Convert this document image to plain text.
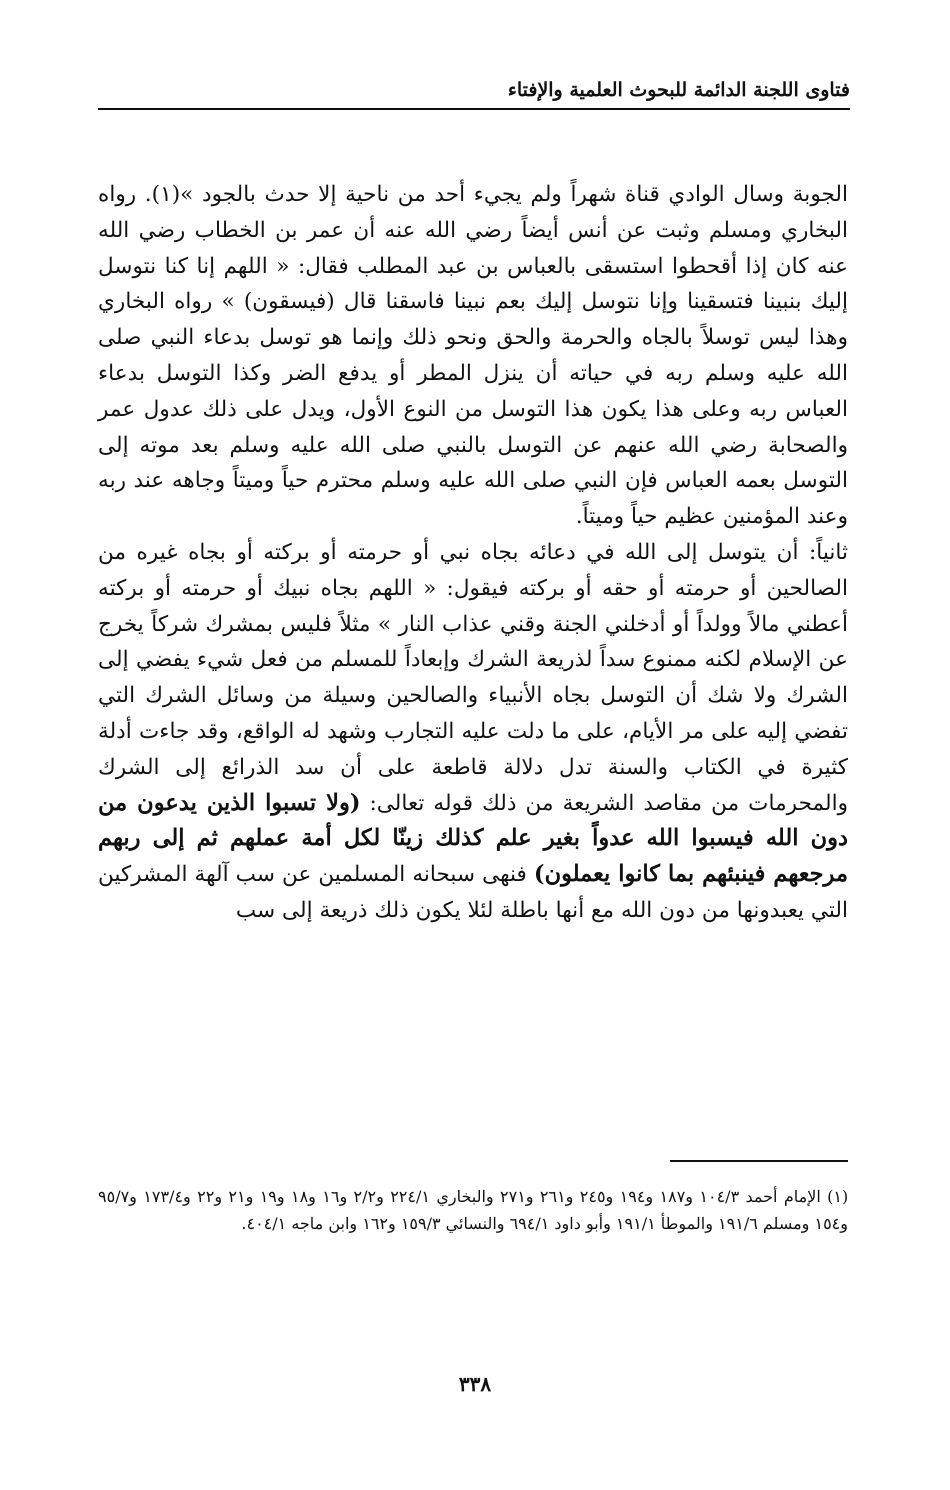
فتاوى اللجنة الدائمة للبحوث العلمية والإفتاء

الجوبة وسال الوادي قناة شهراً ولم يجيء أحد من ناحية إلا حدث بالجود »(١). رواه البخاري ومسلم وثبت عن أنس أيضاً رضي الله عنه أن عمر بن الخطاب رضي الله عنه كان إذا أقحطوا استسقى بالعباس بن عبد المطلب فقال: « اللهم إنا كنا نتوسل إليك بنبينا فتسقينا وإنا نتوسل إليك بعم نبينا فاسقنا قال (فيسقون) » رواه البخاري وهذا ليس توسلاً بالجاه والحرمة والحق ونحو ذلك وإنما هو توسل بدعاء النبي صلى الله عليه وسلم ربه في حياته أن ينزل المطر أو يدفع الضر وكذا التوسل بدعاء العباس ربه وعلى هذا يكون هذا التوسل من النوع الأول، ويدل على ذلك عدول عمر والصحابة رضي الله عنهم عن التوسل بالنبي صلى الله عليه وسلم بعد موته إلى التوسل بعمه العباس فإن النبي صلى الله عليه وسلم محترم حياً وميتاً وجاهه عند ربه وعند المؤمنين عظيم حياً وميتاً.

ثانياً: أن يتوسل إلى الله في دعائه بجاه نبي أو حرمته أو بركته أو بجاه غيره من الصالحين أو حرمته أو حقه أو بركته فيقول: « اللهم بجاه نبيك أو حرمته أو بركته أعطني مالاً وولداً أو أدخلني الجنة وقني عذاب النار » مثلاً فليس بمشرك شركاً يخرج عن الإسلام لكنه ممنوع سداً لذريعة الشرك وإبعاداً للمسلم من فعل شيء يفضي إلى الشرك ولا شك أن التوسل بجاه الأنبياء والصالحين وسيلة من وسائل الشرك التي تفضي إليه على مر الأيام، على ما دلت عليه التجارب وشهد له الواقع، وقد جاءت أدلة كثيرة في الكتاب والسنة تدل دلالة قاطعة على أن سد الذرائع إلى الشرك والمحرمات من مقاصد الشريعة من ذلك قوله تعالى: (ولا تسبوا الذين يدعون من دون الله فيسبوا الله عدواً بغير علم كذلك زينّا لكل أمة عملهم ثم إلى ربهم مرجعهم فينبئهم بما كانوا يعملون) فنهى سبحانه المسلمين عن سب آلهة المشركين التي يعبدونها من دون الله مع أنها باطلة لئلا يكون ذلك ذريعة إلى سب

(١) الإمام أحمد ١٠٤/٣ و١٨٧ و١٩٤ و٢٤٥ و٢٦١ و٢٧١ والبخاري ٢٢٤/١ و٢/٢ و١٦ و١٨ و١٩ و٢١ و٢٢ و١٧٣/٤ و٩٥/٧ و١٥٤ ومسلم ١٩١/٦ والموطأ ١٩١/١ وأبو داود ٦٩٤/١ والنسائي ١٥٩/٣ و١٦٢ وابن ماجه ٤٠٤/١.
٣٣٨
